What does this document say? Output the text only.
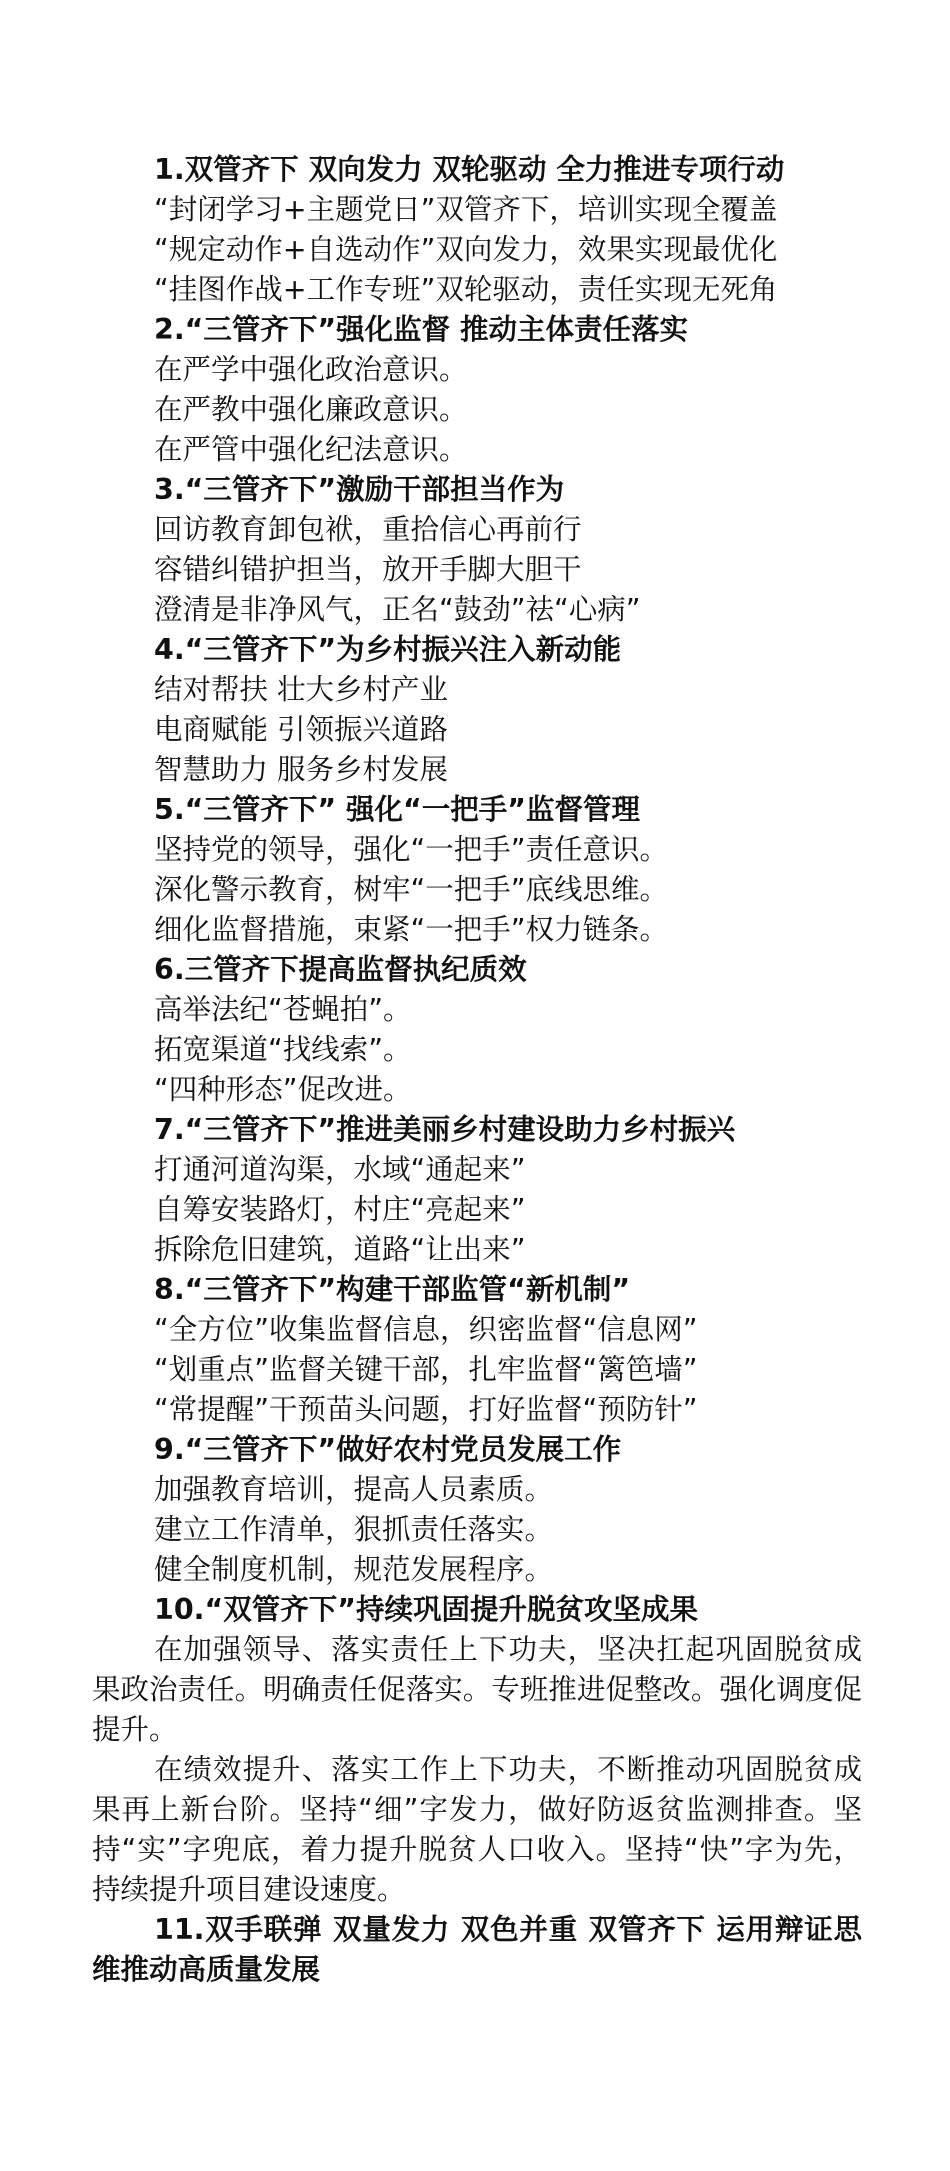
1.双管齐下 双向发力 双轮驱动 全力推进专项行动

“封闭学习+主题党日”双管齐下，培训实现全覆盖

“规定动作+自选动作”双向发力，效果实现最优化

“挂图作战+工作专班”双轮驱动，责任实现无死角

2.“三管齐下”强化监督 推动主体责任落实

在严学中强化政治意识。

在严教中强化廉政意识。

在严管中强化纪法意识。

3.“三管齐下”激励干部担当作为

回访教育卸包袱，重拾信心再前行

容错纠错护担当，放开手脚大胆干

澄清是非净风气，正名“鼓劲”祛“心病”

4.“三管齐下”为乡村振兴注入新动能

结对帮扶 壮大乡村产业

电商赋能 引领振兴道路

智慧助力 服务乡村发展

5.“三管齐下” 强化“一把手”监督管理

坚持党的领导，强化“一把手”责任意识。

深化警示教育，树牢“一把手”底线思维。

细化监督措施，束紧“一把手”权力链条。

6.三管齐下提高监督执纪质效

高举法纪“苍蝇拍”。

拓宽渠道“找线索”。

“四种形态”促改进。

7.“三管齐下”推进美丽乡村建设助力乡村振兴

打通河道沟渠，水域“通起来”

自筹安装路灯，村庄“亮起来”

拆除危旧建筑，道路“让出来”

8.“三管齐下”构建干部监管“新机制”

“全方位”收集监督信息，织密监督“信息网”

“划重点”监督关键干部，扎牢监督“篱笆墙”

“常提醒”干预苗头问题，打好监督“预防针”

9.“三管齐下”做好农村党员发展工作

加强教育培训，提高人员素质。

建立工作清单，狠抓责任落实。

健全制度机制，规范发展程序。

10.“双管齐下”持续巩固提升脱贫攻坚成果

在加强领导、落实责任上下功夫，坚决扛起巩固脱贫成果政治责任。明确责任促落实。专班推进促整改。强化调度促提升。

在绩效提升、落实工作上下功夫，不断推动巩固脱贫成果再上新台阶。坚持“细”字发力，做好防返贫监测排查。坚持“实”字兜底，着力提升脱贫人口收入。坚持“快”字为先，持续提升项目建设速度。

11.双手联弹 双量发力 双色并重 双管齐下 运用辩证思维推动高质量发展
